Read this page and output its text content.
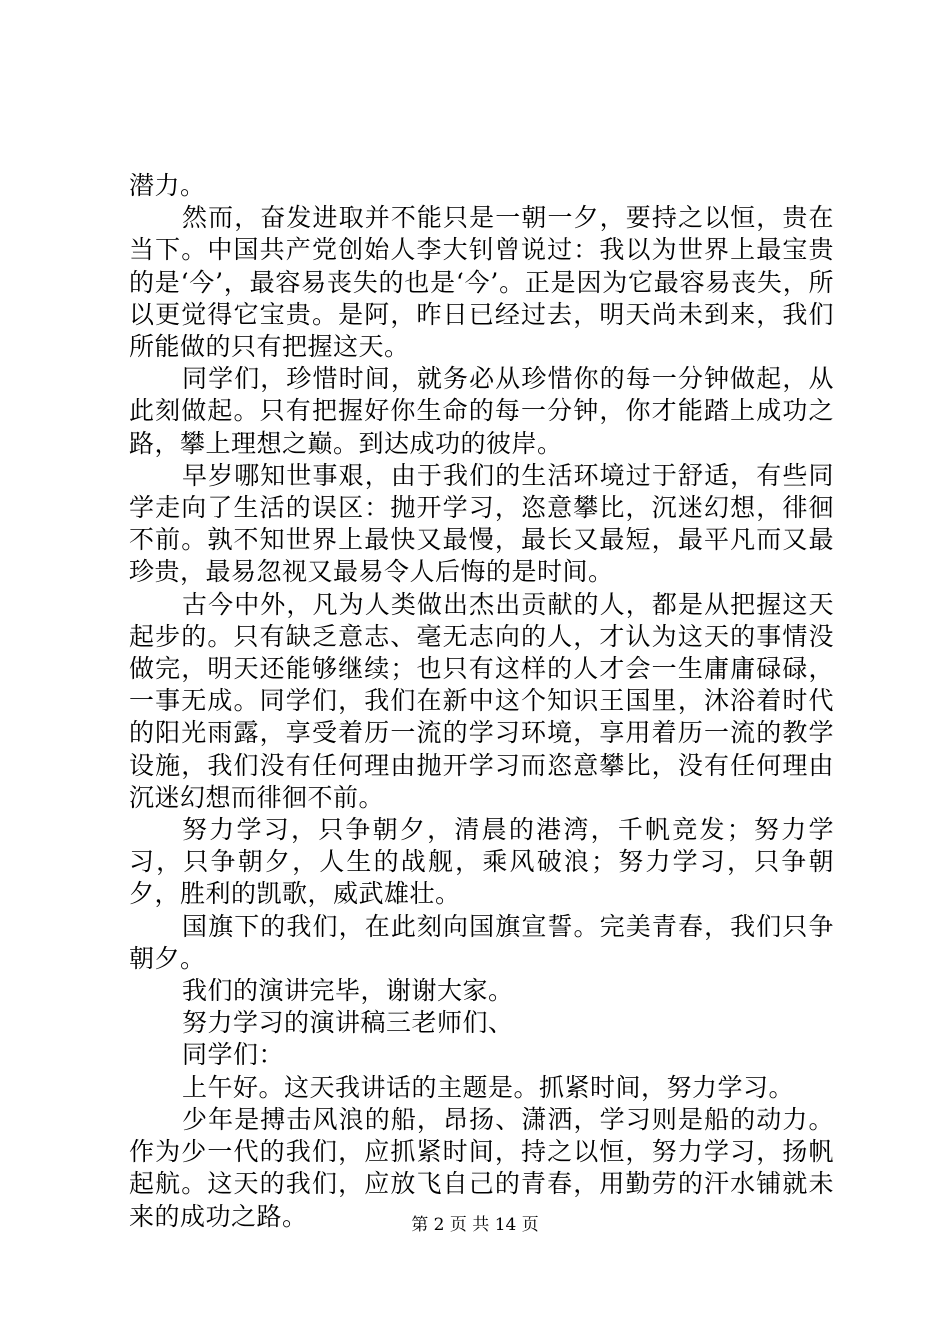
潜力。

然而，奋发进取并不能只是一朝一夕，要持之以恒，贵在当下。中国共产党创始人李大钊曾说过：我以为世界上最宝贵的是‘今’，最容易丧失的也是‘今’。正是因为它最容易丧失，所以更觉得它宝贵。是阿，昨日已经过去，明天尚未到来，我们所能做的只有把握这天。

同学们，珍惜时间，就务必从珍惜你的每一分钟做起，从此刻做起。只有把握好你生命的每一分钟，你才能踏上成功之路，攀上理想之巅。到达成功的彼岸。

早岁哪知世事艰，由于我们的生活环境过于舒适，有些同学走向了生活的误区：抛开学习，恣意攀比，沉迷幻想，徘徊不前。孰不知世界上最快又最慢，最长又最短，最平凡而又最珍贵，最易忽视又最易令人后悔的是时间。

古今中外，凡为人类做出杰出贡献的人，都是从把握这天起步的。只有缺乏意志、毫无志向的人，才认为这天的事情没做完，明天还能够继续；也只有这样的人才会一生庸庸碌碌，一事无成。同学们，我们在新中这个知识王国里，沐浴着时代的阳光雨露，享受着历一流的学习环境，享用着历一流的教学设施，我们没有任何理由抛开学习而恣意攀比，没有任何理由沉迷幻想而徘徊不前。

努力学习，只争朝夕，清晨的港湾，千帆竞发；努力学习，只争朝夕，人生的战舰，乘风破浪；努力学习，只争朝夕，胜利的凯歌，威武雄壮。

国旗下的我们，在此刻向国旗宣誓。完美青春，我们只争朝夕。

我们的演讲完毕，谢谢大家。

努力学习的演讲稿三老师们、

同学们：

上午好。这天我讲话的主题是。抓紧时间，努力学习。

少年是搏击风浪的船，昂扬、潇洒，学习则是船的动力。作为少一代的我们，应抓紧时间，持之以恒，努力学习，扬帆起航。这天的我们，应放飞自己的青春，用勤劳的汗水铺就未来的成功之路。	第 2 页 共 14 页
